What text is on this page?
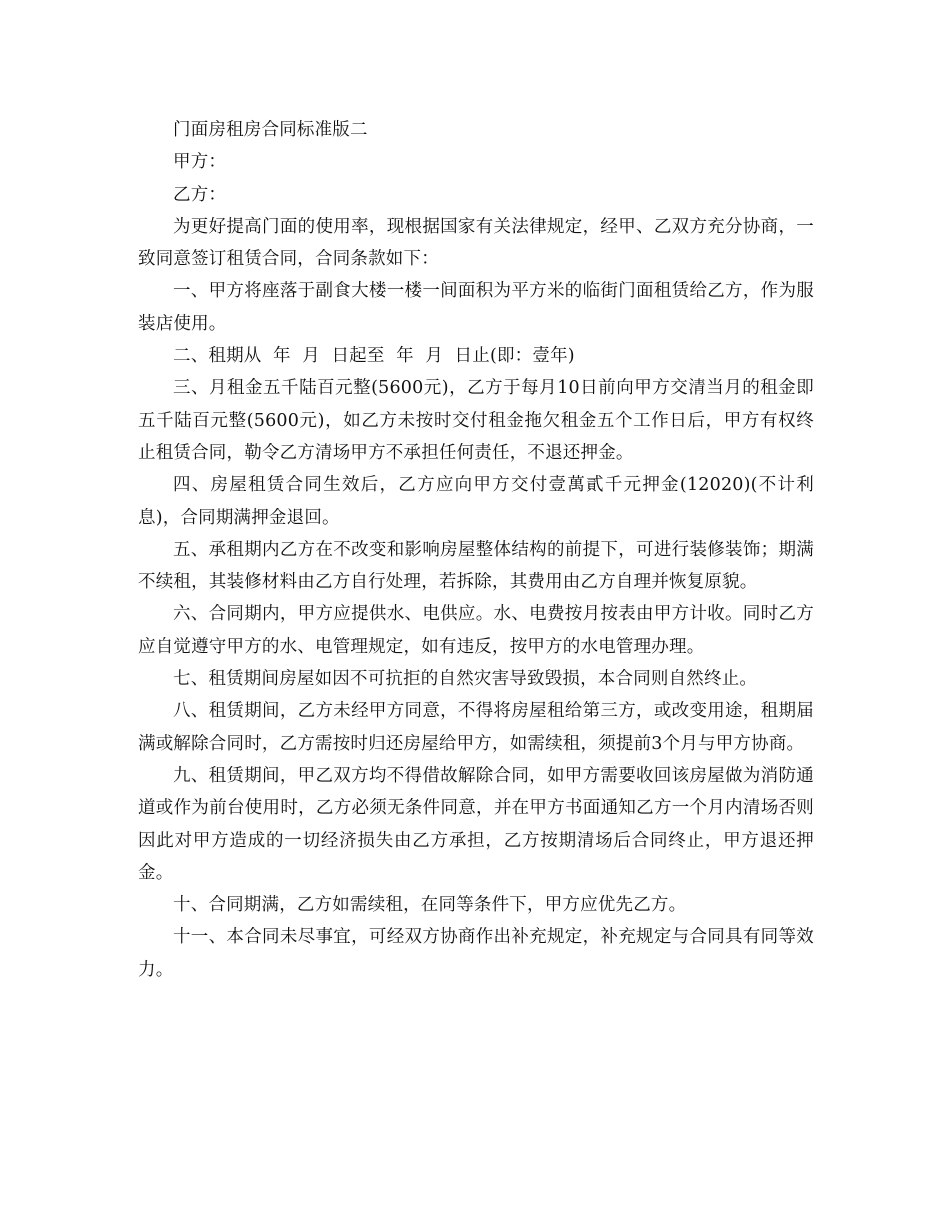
门面房租房合同标准版二

甲方：

乙方：

为更好提高门面的使用率，现根据国家有关法律规定，经甲、乙双方充分协商，一致同意签订租赁合同，合同条款如下：

一、甲方将座落于副食大楼一楼一间面积为平方米的临街门面租赁给乙方，作为服装店使用。

二、租期从  年  月  日起至  年  月  日止(即：壹年)

三、月租金五千陆百元整(5600元)，乙方于每月10日前向甲方交清当月的租金即五千陆百元整(5600元)，如乙方未按时交付租金拖欠租金五个工作日后，甲方有权终止租赁合同，勒令乙方清场甲方不承担任何责任，不退还押金。

四、房屋租赁合同生效后，乙方应向甲方交付壹萬貳千元押金(12020)(不计利息)，合同期满押金退回。

五、承租期内乙方在不改变和影响房屋整体结构的前提下，可进行装修装饰；期满不续租，其装修材料由乙方自行处理，若拆除，其费用由乙方自理并恢复原貌。

六、合同期内，甲方应提供水、电供应。水、电费按月按表由甲方计收。同时乙方应自觉遵守甲方的水、电管理规定，如有违反，按甲方的水电管理办理。

七、租赁期间房屋如因不可抗拒的自然灾害导致毁损，本合同则自然终止。

八、租赁期间，乙方未经甲方同意，不得将房屋租给第三方，或改变用途，租期届满或解除合同时，乙方需按时归还房屋给甲方，如需续租，须提前3个月与甲方协商。

九、租赁期间，甲乙双方均不得借故解除合同，如甲方需要收回该房屋做为消防通道或作为前台使用时，乙方必须无条件同意，并在甲方书面通知乙方一个月内清场否则因此对甲方造成的一切经济损失由乙方承担，乙方按期清场后合同终止，甲方退还押金。

十、合同期满，乙方如需续租，在同等条件下，甲方应优先乙方。

十一、本合同未尽事宜，可经双方协商作出补充规定，补充规定与合同具有同等效力。
